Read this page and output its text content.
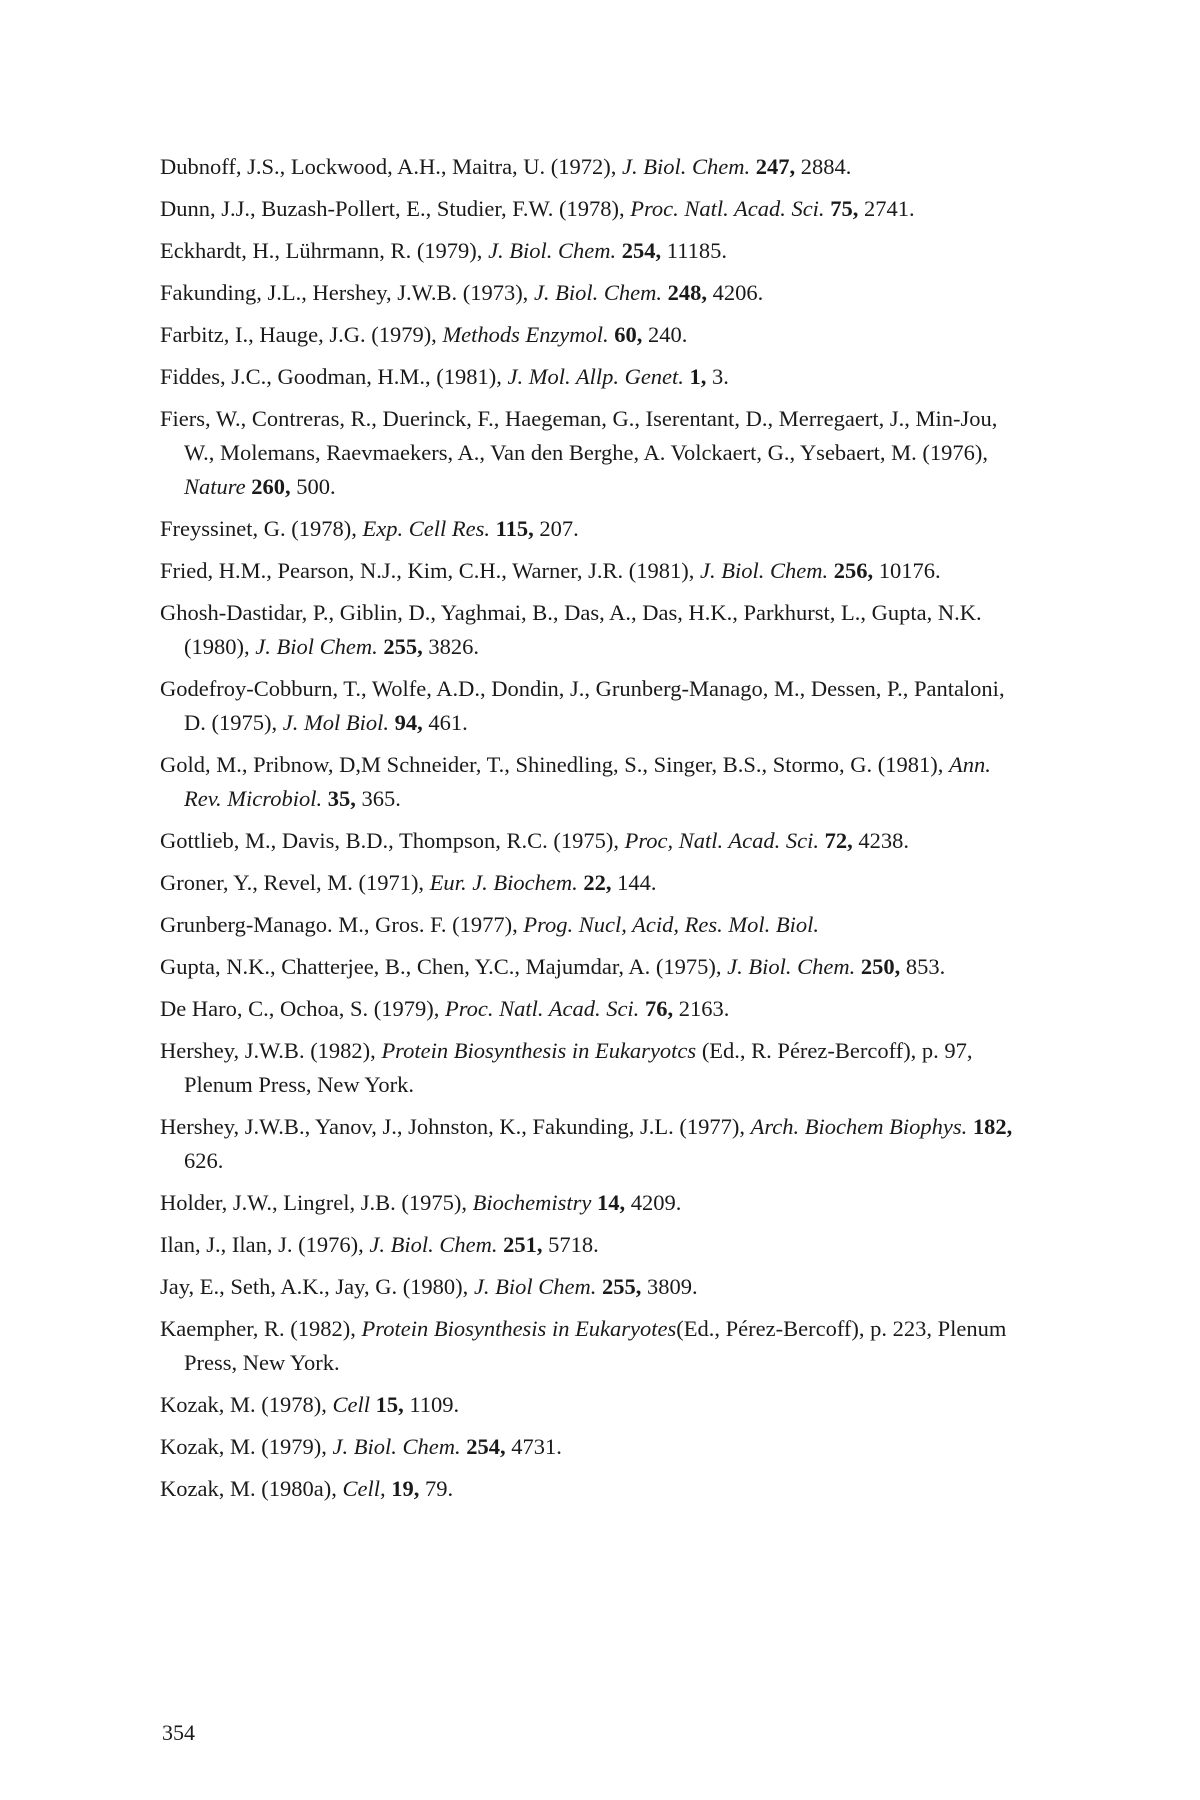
Dubnoff, J.S., Lockwood, A.H., Maitra, U. (1972), J. Biol. Chem. 247, 2884.

Dunn, J.J., Buzash-Pollert, E., Studier, F.W. (1978), Proc. Natl. Acad. Sci. 75, 2741.

Eckhardt, H., Lührmann, R. (1979), J. Biol. Chem. 254, 11185.

Fakunding, J.L., Hershey, J.W.B. (1973), J. Biol. Chem. 248, 4206.

Farbitz, I., Hauge, J.G. (1979), Methods Enzymol. 60, 240.

Fiddes, J.C., Goodman, H.M., (1981), J. Mol. Allp. Genet. 1, 3.

Fiers, W., Contreras, R., Duerinck, F., Haegeman, G., Iserentant, D., Merregaert, J., Min-Jou, W., Molemans, Raevmaekers, A., Van den Berghe, A. Volckaert, G., Ysebaert, M. (1976), Nature 260, 500.

Freyssinet, G. (1978), Exp. Cell Res. 115, 207.

Fried, H.M., Pearson, N.J., Kim, C.H., Warner, J.R. (1981), J. Biol. Chem. 256, 10176.

Ghosh-Dastidar, P., Giblin, D., Yaghmai, B., Das, A., Das, H.K., Parkhurst, L., Gupta, N.K. (1980), J. Biol Chem. 255, 3826.

Godefroy-Cobburn, T., Wolfe, A.D., Dondin, J., Grunberg-Manago, M., Dessen, P., Pantaloni, D. (1975), J. Mol Biol. 94, 461.

Gold, M., Pribnow, D,M Schneider, T., Shinedling, S., Singer, B.S., Stormo, G. (1981), Ann. Rev. Microbiol. 35, 365.

Gottlieb, M., Davis, B.D., Thompson, R.C. (1975), Proc, Natl. Acad. Sci. 72, 4238.

Groner, Y., Revel, M. (1971), Eur. J. Biochem. 22, 144.

Grunberg-Manago. M., Gros. F. (1977), Prog. Nucl, Acid, Res. Mol. Biol.

Gupta, N.K., Chatterjee, B., Chen, Y.C., Majumdar, A. (1975), J. Biol. Chem. 250, 853.

De Haro, C., Ochoa, S. (1979), Proc. Natl. Acad. Sci. 76, 2163.

Hershey, J.W.B. (1982), Protein Biosynthesis in Eukaryotcs (Ed., R. Pérez-Bercoff), p. 97, Plenum Press, New York.

Hershey, J.W.B., Yanov, J., Johnston, K., Fakunding, J.L. (1977), Arch. Biochem Biophys. 182, 626.

Holder, J.W., Lingrel, J.B. (1975), Biochemistry 14, 4209.

Ilan, J., Ilan, J. (1976), J. Biol. Chem. 251, 5718.

Jay, E., Seth, A.K., Jay, G. (1980), J. Biol Chem. 255, 3809.

Kaempher, R. (1982), Protein Biosynthesis in Eukaryotes(Ed., Pérez-Bercoff), p. 223, Plenum Press, New York.

Kozak, M. (1978), Cell 15, 1109.

Kozak, M. (1979), J. Biol. Chem. 254, 4731.

Kozak, M. (1980a), Cell, 19, 79.

354
